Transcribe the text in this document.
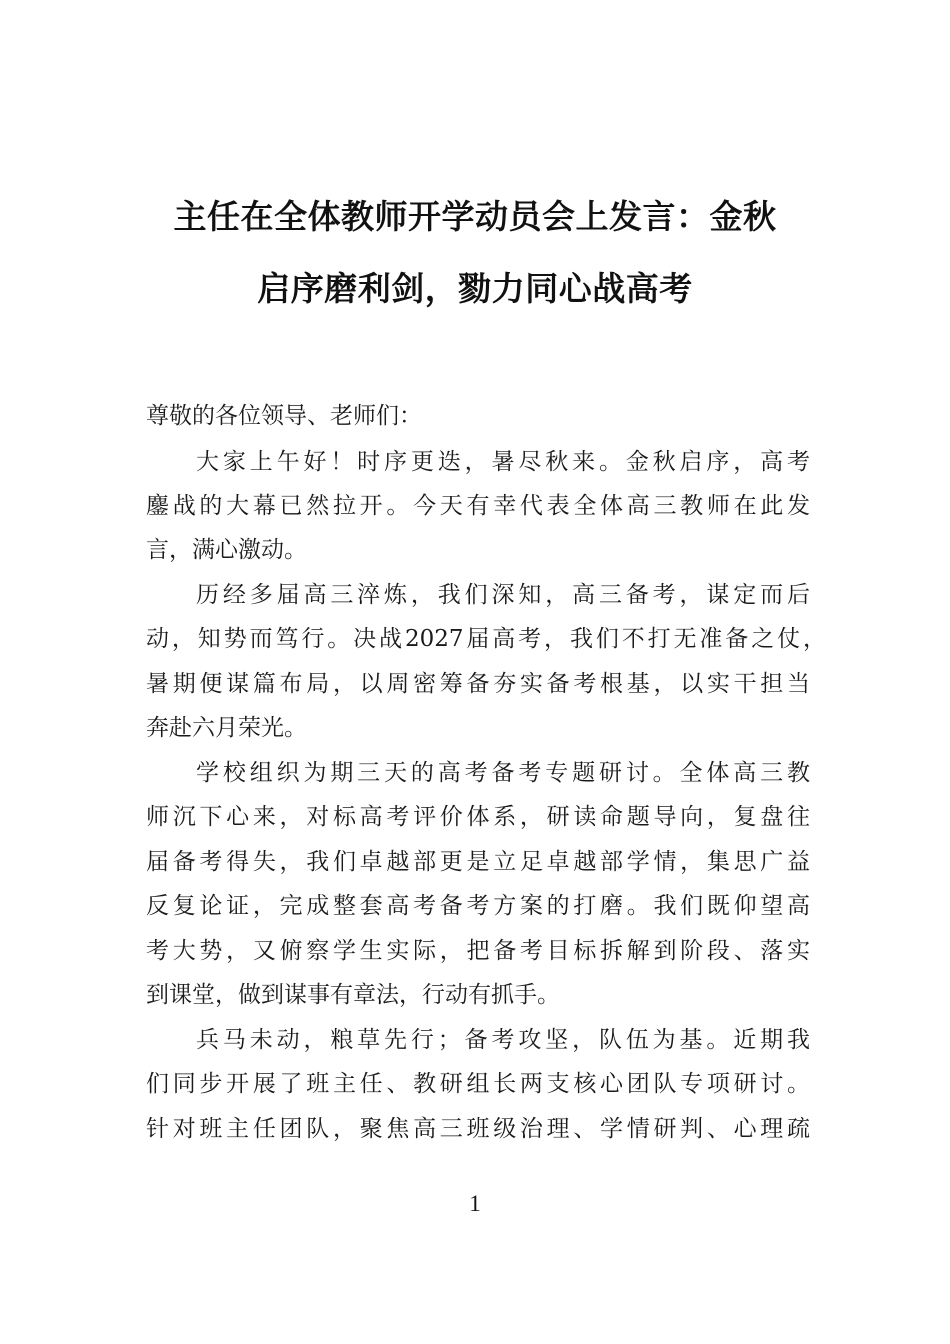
主任在全体教师开学动员会上发言：金秋
启序磨利剑，勠力同心战高考
尊敬的各位领导、老师们：
大家上午好！时序更迭，暑尽秋来。金秋启序，高考
鏖战的大幕已然拉开。今天有幸代表全体高三教师在此发
言，满心激动。
历经多届高三淬炼，我们深知，高三备考，谋定而后
动，知势而笃行。决战2027届高考，我们不打无准备之仗，
暑期便谋篇布局，以周密筹备夯实备考根基，以实干担当
奔赴六月荣光。
学校组织为期三天的高考备考专题研讨。全体高三教
师沉下心来，对标高考评价体系，研读命题导向，复盘往
届备考得失，我们卓越部更是立足卓越部学情，集思广益
反复论证，完成整套高考备考方案的打磨。我们既仰望高
考大势，又俯察学生实际，把备考目标拆解到阶段、落实
到课堂，做到谋事有章法，行动有抓手。
兵马未动，粮草先行；备考攻坚，队伍为基。近期我
们同步开展了班主任、教研组长两支核心团队专项研讨。
针对班主任团队，聚焦高三班级治理、学情研判、心理疏
1
